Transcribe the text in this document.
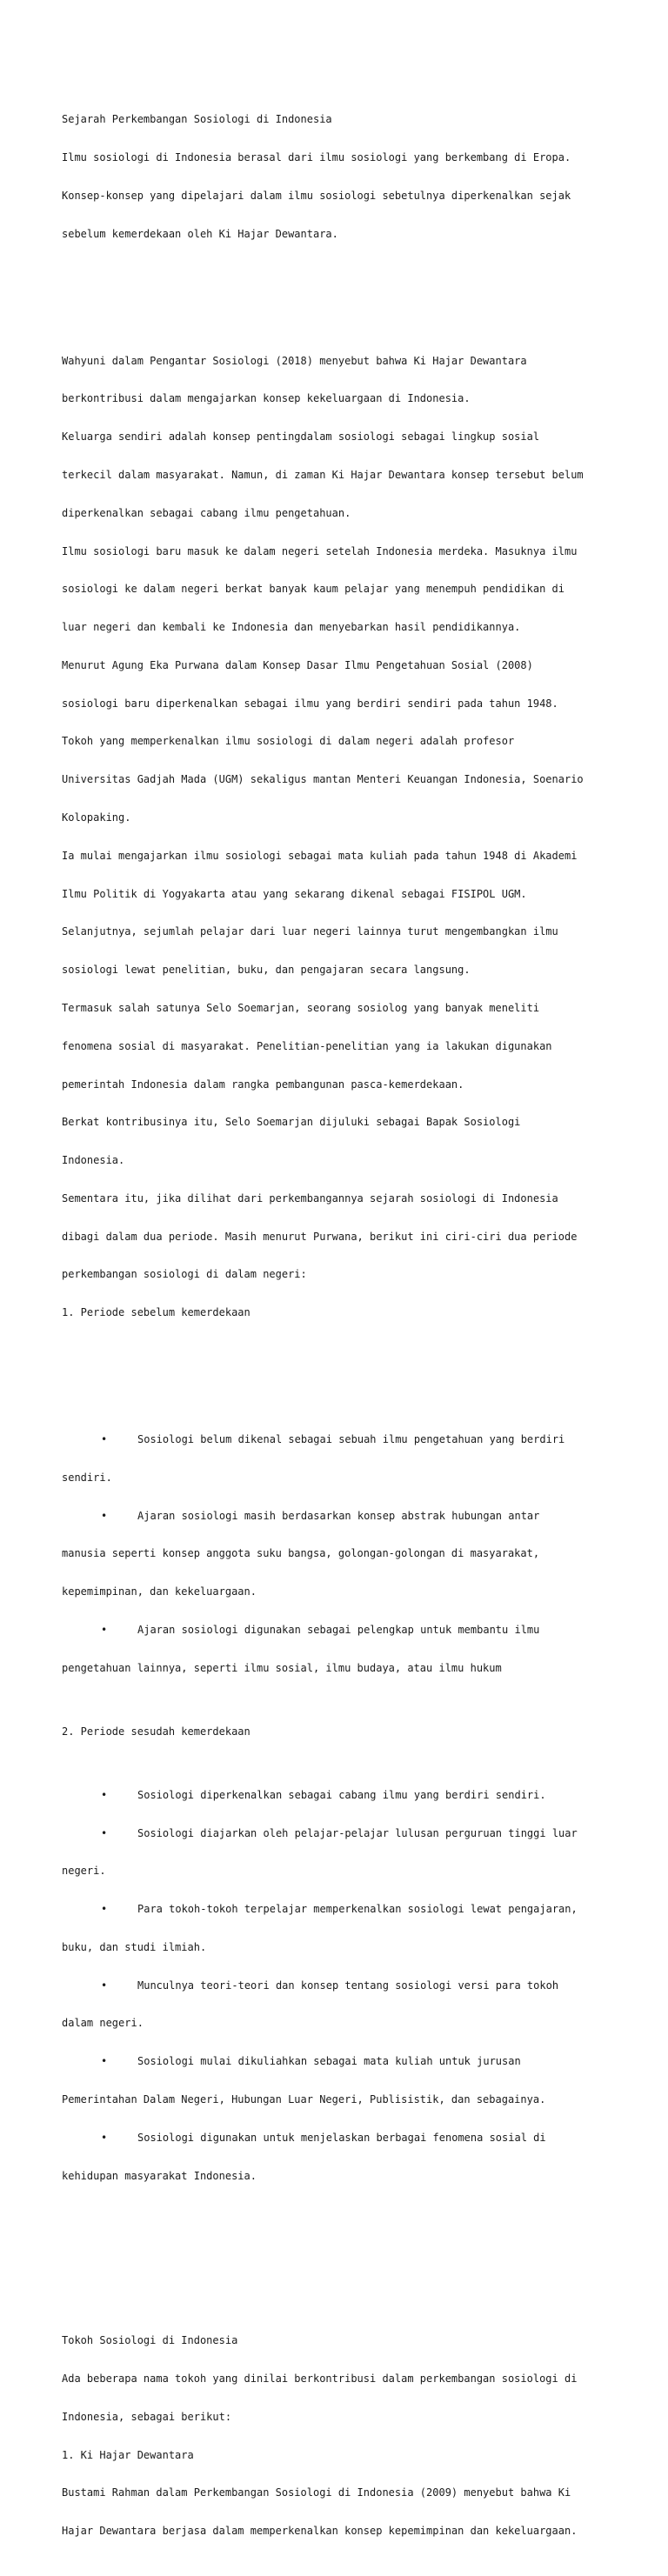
Sejarah Perkembangan Sosiologi di Indonesia

Ilmu sosiologi di Indonesia berasal dari ilmu sosiologi yang berkembang di Eropa.

Konsep-konsep yang dipelajari dalam ilmu sosiologi sebetulnya diperkenalkan sejak

sebelum kemerdekaan oleh Ki Hajar Dewantara.

Wahyuni dalam Pengantar Sosiologi (2018) menyebut bahwa Ki Hajar Dewantara

berkontribusi dalam mengajarkan konsep kekeluargaan di Indonesia.

Keluarga sendiri adalah konsep pentingdalam sosiologi sebagai lingkup sosial

terkecil dalam masyarakat. Namun, di zaman Ki Hajar Dewantara konsep tersebut belum

diperkenalkan sebagai cabang ilmu pengetahuan.

Ilmu sosiologi baru masuk ke dalam negeri setelah Indonesia merdeka. Masuknya ilmu

sosiologi ke dalam negeri berkat banyak kaum pelajar yang menempuh pendidikan di

luar negeri dan kembali ke Indonesia dan menyebarkan hasil pendidikannya.

Menurut Agung Eka Purwana dalam Konsep Dasar Ilmu Pengetahuan Sosial (2008)

sosiologi baru diperkenalkan sebagai ilmu yang berdiri sendiri pada tahun 1948.

Tokoh yang memperkenalkan ilmu sosiologi di dalam negeri adalah profesor

Universitas Gadjah Mada (UGM) sekaligus mantan Menteri Keuangan Indonesia, Soenario

Kolopaking.

Ia mulai mengajarkan ilmu sosiologi sebagai mata kuliah pada tahun 1948 di Akademi

Ilmu Politik di Yogyakarta atau yang sekarang dikenal sebagai FISIPOL UGM.

Selanjutnya, sejumlah pelajar dari luar negeri lainnya turut mengembangkan ilmu

sosiologi lewat penelitian, buku, dan pengajaran secara langsung.

Termasuk salah satunya Selo Soemarjan, seorang sosiolog yang banyak meneliti

fenomena sosial di masyarakat. Penelitian-penelitian yang ia lakukan digunakan

pemerintah Indonesia dalam rangka pembangunan pasca-kemerdekaan.

Berkat kontribusinya itu, Selo Soemarjan dijuluki sebagai Bapak Sosiologi

Indonesia.

Sementara itu, jika dilihat dari perkembangannya sejarah sosiologi di Indonesia

dibagi dalam dua periode. Masih menurut Purwana, berikut ini ciri-ciri dua periode

perkembangan sosiologi di dalam negeri:

1. Periode sebelum kemerdekaan

•	Sosiologi belum dikenal sebagai sebuah ilmu pengetahuan yang berdiri

sendiri.

•	Ajaran sosiologi masih berdasarkan konsep abstrak hubungan antar

manusia seperti konsep anggota suku bangsa, golongan-golongan di masyarakat,

kepemimpinan, dan kekeluargaan.

•	Ajaran sosiologi digunakan sebagai pelengkap untuk membantu ilmu

pengetahuan lainnya, seperti ilmu sosial, ilmu budaya, atau ilmu hukum

2. Periode sesudah kemerdekaan

•	Sosiologi diperkenalkan sebagai cabang ilmu yang berdiri sendiri.

•	Sosiologi diajarkan oleh pelajar-pelajar lulusan perguruan tinggi luar

negeri.

•	Para tokoh-tokoh terpelajar memperkenalkan sosiologi lewat pengajaran,

buku, dan studi ilmiah.

•	Munculnya teori-teori dan konsep tentang sosiologi versi para tokoh

dalam negeri.

•	Sosiologi mulai dikuliahkan sebagai mata kuliah untuk jurusan

Pemerintahan Dalam Negeri, Hubungan Luar Negeri, Publisistik, dan sebagainya.

•	Sosiologi digunakan untuk menjelaskan berbagai fenomena sosial di

kehidupan masyarakat Indonesia.

Tokoh Sosiologi di Indonesia

Ada beberapa nama tokoh yang dinilai berkontribusi dalam perkembangan sosiologi di

Indonesia, sebagai berikut:

1. Ki Hajar Dewantara

Bustami Rahman dalam Perkembangan Sosiologi di Indonesia (2009) menyebut bahwa Ki

Hajar Dewantara berjasa dalam memperkenalkan konsep kepemimpinan dan kekeluargaan.
